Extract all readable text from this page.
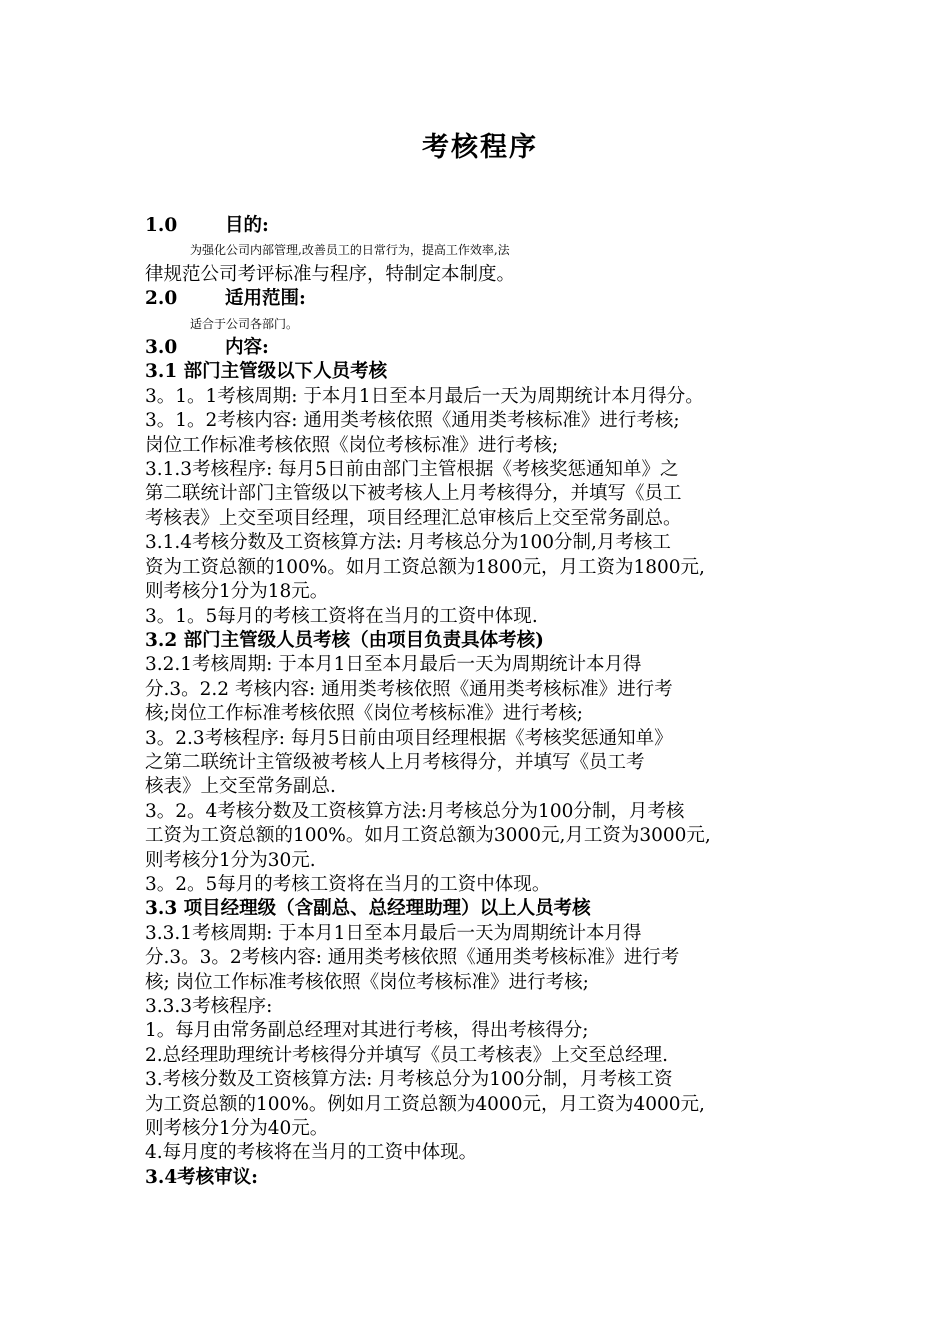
考核程序

1.0	目的:

为强化公司内部管理,改善员工的日常行为，提高工作效率,法

律规范公司考评标准与程序，特制定本制度。

2.0	适用范围:

适合于公司各部门。

3.0	内容:

3.1 部门主管级以下人员考核

3。1。1考核周期: 于本月1日至本月最后一天为周期统计本月得分。

3。1。2考核内容: 通用类考核依照《通用类考核标准》进行考核;

岗位工作标准考核依照《岗位考核标准》进行考核;

3.1.3考核程序: 每月5日前由部门主管根据《考核奖惩通知单》之

第二联统计部门主管级以下被考核人上月考核得分，并填写《员工

考核表》上交至项目经理，项目经理汇总审核后上交至常务副总。

3.1.4考核分数及工资核算方法: 月考核总分为100分制,月考核工

资为工资总额的100%。如月工资总额为1800元，月工资为1800元,

则考核分1分为18元。

3。1。5每月的考核工资将在当月的工资中体现.

3.2 部门主管级人员考核（由项目负责具体考核)

3.2.1考核周期: 于本月1日至本月最后一天为周期统计本月得

分.3。2.2 考核内容: 通用类考核依照《通用类考核标准》进行考

核;岗位工作标准考核依照《岗位考核标准》进行考核;

3。2.3考核程序: 每月5日前由项目经理根据《考核奖惩通知单》

之第二联统计主管级被考核人上月考核得分，并填写《员工考

核表》上交至常务副总.

3。2。4考核分数及工资核算方法:月考核总分为100分制，月考核

工资为工资总额的100%。如月工资总额为3000元,月工资为3000元,

则考核分1分为30元.

3。2。5每月的考核工资将在当月的工资中体现。

3.3 项目经理级（含副总、总经理助理）以上人员考核

3.3.1考核周期: 于本月1日至本月最后一天为周期统计本月得

分.3。3。2考核内容: 通用类考核依照《通用类考核标准》进行考

核; 岗位工作标准考核依照《岗位考核标准》进行考核;

3.3.3考核程序:

1。每月由常务副总经理对其进行考核，得出考核得分;

2.总经理助理统计考核得分并填写《员工考核表》上交至总经理.

3.考核分数及工资核算方法: 月考核总分为100分制，月考核工资

为工资总额的100%。例如月工资总额为4000元，月工资为4000元,

则考核分1分为40元。

4.每月度的考核将在当月的工资中体现。

3.4考核审议:
